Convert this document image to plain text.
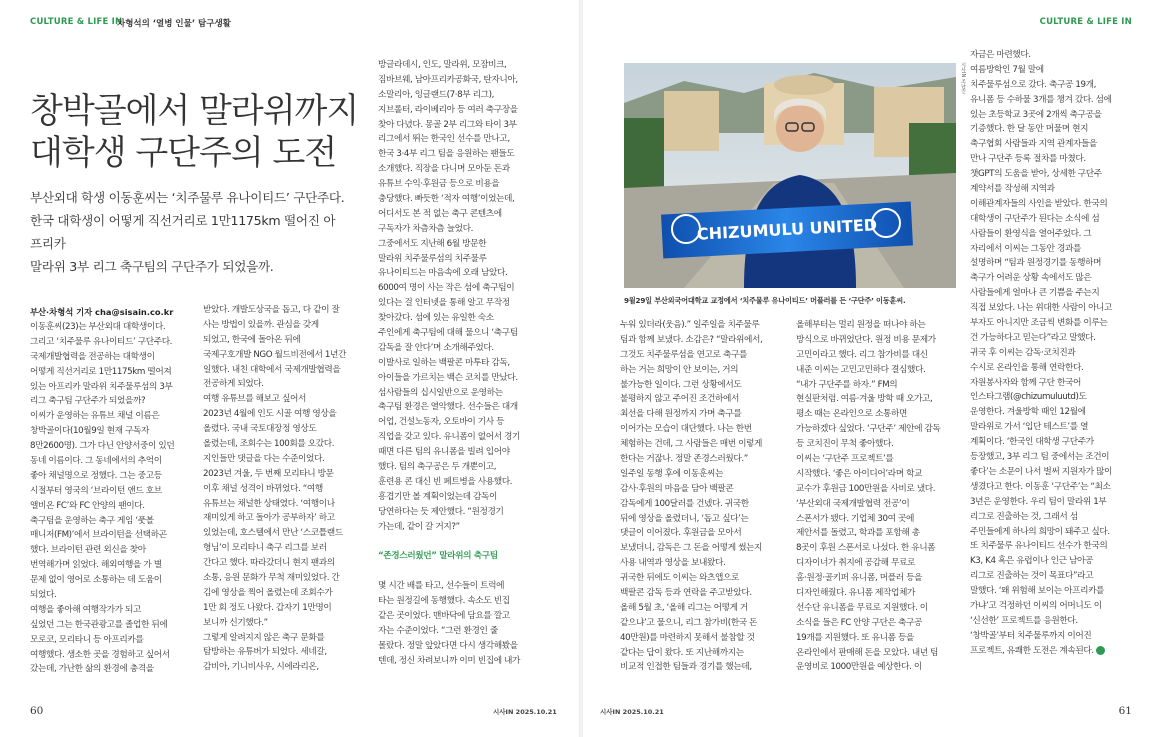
CULTURE & LIFE IN
차형석의 ‘열병 인물’ 탐구생활	CULTURE & LIFE IN
창박골에서 말라위까지
대학생 구단주의 도전
부산외대 학생 이동훈씨는 ‘치주물루 유나이티드’ 구단주다.
한국 대학생이 어떻게 직선거리로 1만1175km 떨어진 아프리카
말라위 3부 리그 축구팀의 구단주가 되었을까.
부산·차형석 기자 cha@sisain.co.kr
이동훈씨(23)는 부산외대 대학생이다.
그리고 ‘치주물루 유나이티드’ 구단주다.
국제개발협력을 전공하는 대학생이
어떻게 직선거리로 1만1175km 떨어져
있는 아프리카 말라위 치주물루섬의 3부
리그 축구팀 구단주가 되었을까?
이씨가 운영하는 유튜브 채널 이름은
창박골이다(10월9일 현재 구독자
8만2600명). 그가 다닌 안양서중이 있던
동네 이름이다. 그 동네에서의 추억이
좋아 채널명으로 정했다. 그는 중고등
시절부터 영국의 ‘브라이턴 앤드 호브
앨비온 FC’와 FC 안양의 팬이다.
축구팀을 운영하는 축구 게임 ‘풋볼
매니저(FM)’에서 브라이턴을 선택하곤
했다. 브라이턴 관련 외신을 찾아
번역해가며 읽었다. 해외여행을 가 별
문제 없이 영어로 소통하는 데 도움이
되었다.
여행을 좋아해 여행작가가 되고
싶었던 그는 한국관광고를 졸업한 뒤에
모로코, 모리타니 등 아프리카를
여행했다. 생소한 곳을 경험하고 싶어서
갔는데, 가난한 삶의 환경에 충격을
받았다. 개발도상국을 돕고, 다 같이 잘
사는 방법이 있을까. 관심을 갖게
되었고, 한국에 돌아온 뒤에
국제구호개발 NGO 월드비전에서 1년간
일했다. 내친 대학에서 국제개발협력을
전공하게 되었다.
여행 유튜브를 해보고 싶어서
2023년 4월에 인도 시골 여행 영상을
올렸다. 국내 국토대장정 영상도
올렸는데, 조회수는 100회를 오갔다.
지인들만 댓글을 다는 수준이었다.
2023년 겨울, 두 번째 모리타니 방문
이후 채널 성격이 바뀌었다. “여행
유튜브는 채널한 상태였다. ‘여행이나
재미있게 하고 돌아가 공부하자’ 하고
있었는데, 호스텔에서 만난 ‘스코틀랜드
형님’이 모리타니 축구 리그를 보러
간다고 했다. 따라갔더니 현지 팬과의
소통, 응원 문화가 무척 재미있었다. 간
김에 영상을 찍어 올렸는데 조회수가
1만 회 정도 나왔다. 갑자기 1만명이
보니까 신기했다.”
그렇게 알려지지 않은 축구 문화를
탐방하는 유튜버가 되었다. 세네갈,
감비아, 기니비사우, 시에라리온,
방글라데시, 인도, 말라위, 모잠비크,
짐바브웨, 남아프리카공화국, 탄자니아,
소말리아, 잉글랜드(7·8부 리그),
지브롤터, 라이베리아 등 여러 축구장을
찾아 다녔다. 몽골 2부 리그와 타이 3부
리그에서 뛰는 한국인 선수를 만나고,
한국 3·4부 리그 팀을 응원하는 팬들도
소개했다. 직장을 다니며 모아둔 돈과
유튜브 수익·후원금 등으로 비용을
충당했다. 빠듯한 ‘적자 여행’이었는데,
어디서도 본 적 없는 축구 콘텐츠에
구독자가 차츰차츰 늘었다.
그중에서도 지난해 6월 방문한
말라위 치주물루섬의 치주물루
유나이티드는 마음속에 오래 남았다.
6000여 명이 사는 작은 섬에 축구팀이
있다는 걸 인터넷을 통해 알고 무작정
찾아갔다. 섬에 있는 유일한 숙소
주인에게 축구팀에 대해 물으니 ‘축구팀
감독을 잘 안다’며 소개해주었다.
이발사로 일하는 백팔콘 마투타 감독,
아이들을 가르치는 백슨 코치를 만났다.
섬사람들의 십시일반으로 운영하는
축구팀 환경은 열악했다. 선수들은 대개
어업, 건설노동자, 오토바이 기사 등
직업을 갖고 있다. 유니폼이 없어서 경기
때면 다른 팀의 유니폼을 빌려 입어야
했다. 팀의 축구공은 두 개뿐이고,
훈련용 콘 대신 빈 페트병을 사용했다.
흥겹기만 볼 계획이었는데 감독이
당연하다는 듯 제안했다. “원정경기
가는데, 같이 갈 거지?”
“존경스러웠던” 말라위의 축구팀
몇 시간 배를 타고, 선수들이 트럭에
타는 원정길에 동행했다. 속소도 빈집
같은 곳이었다. 맨바닥에 담요를 깔고
자는 수준이었다. “그런 환경인 줄
몰랐다. 정말 앞았다면 다시 생각해봤을
텐데, 정신 차려보니까 이미 빈집에 내가
CHIZUMULU UNITED
시사IN 조남진
9월29일 부산외국어대학교 교정에서 ‘치주물루 유나이티드’ 머플러를 든 ‘구단주’ 이동훈씨.
누워 있더라(웃음).” 일주일을 치주물루
팀과 함께 보냈다. 소감은? “말라위에서,
그것도 치주물루섬을 연고로 축구를
하는 거는 희망이 안 보이는, 거의
불가능한 일이다. 그런 상황에서도
불평하지 않고 주어진 조건하에서
최선을 다해 원정까지 가며 축구를
이어가는 모습이 대단했다. 나는 한번
체험하는 건데, 그 사람들은 매번 이렇게
한다는 거잖나. 정말 존경스러웠다.”
일주일 동행 후에 이동훈씨는
감사·후원의 마음을 담아 백팔콘
감독에게 100달러를 건넸다. 귀국한
뒤에 영상을 올렸더니, ‘돕고 싶다’는
댓글이 이어졌다. 후원금을 모아서
보냈더니, 감독은 그 돈을 어떻게 썼는지
사용 내역과 영상을 보내왔다.
귀국한 뒤에도 이씨는 와츠앱으로
백팔콘 감독 등과 연락을 주고받았다.
올해 5월 초, ‘올해 리그는 어떻게 거
같으냐’고 물으니, 리그 참가비(한국 돈
40만원)를 마련하지 못해서 불참할 것
같다는 답이 왔다. 또 지난해까지는
비교적 인접한 팀들과 경기를 했는데,
올해부터는 멀리 원정을 떠나야 하는
방식으로 바뀌었단다. 원정 비용 문제가
고민이라고 했다. 리그 참가비를 대신
내준 이씨는 고민고민하다 결심했다.
“내가 구단주를 하자.” FM의
현실판처럼. 여름·겨울 방학 때 오가고,
평소 때는 온라인으로 소통하면
가능하겠다 싶었다. ‘구단주’ 제안에 감독
등 코치진이 무척 좋아했다.
이씨는 ‘구단주 프로젝트’를
시작했다. ‘좋은 아이디어’라며 학교
교수가 후원금 100만원을 사비로 냈다.
‘부산외대 국제개발협력 전공’이
스폰서가 됐다. 기업체 30여 곳에
제안서를 돌렸고, 학과를 포함해 총
8곳이 후원 스폰서로 나섰다. 한 유니폼
디자이너가 취지에 공감해 무료로
홈·원정·골키퍼 유니폼, 머플러 등을
디자인해줬다. 유니폼 제작업체가
선수단 유니폼을 무료로 지원했다. 이
소식을 들은 FC 안양 구단은 축구공
19개를 지원했다. 또 유니폼 등을
온라인에서 판매해 돈을 모았다. 내년 팀
운영비로 1000만원을 예상한다. 이
자금은 마련했다.
여름방학인 7월 말에
치주물루섬으로 갔다. 축구공 19개,
유니폼 등 수하물 3개를 챙겨 갔다. 섬에
있는 초등학교 3곳에 2개씩 축구공을
기증했다. 한 달 동안 머물며 현지
축구협회 사람들과 지역 관계자들을
만나 구단주 등록 절차를 마쳤다.
챗GPT의 도움을 받아, 상세한 구단주
계약서를 작성해 지역과
이해관계자들의 사인을 받았다. 한국의
대학생이 구단주가 된다는 소식에 섬
사람들이 환영식을 열어주었다. 그
자리에서 이씨는 그동안 경과를
설명하며 “팀과 원정경기를 동행하며
축구가 어려운 상황 속에서도 많은
사람들에게 얼마나 큰 기쁨을 주는지
직접 보았다. 나는 위대한 사람이 아니고
부자도 아니지만 조금씩 변화를 이루는
건 가능하다고 믿는다”라고 말했다.
귀국 후 이씨는 감독·코치진과
수시로 온라인을 통해 연락한다.
자원봉사자와 함께 구단 한국어
인스타그램(@chizumuluutd)도
운영한다. 겨울방학 때인 12월에
말라위로 가서 ‘입단 테스트’를 열
계획이다. ‘한국인 대학생 구단주가
등장했고, 3부 리그 팀 중에서는 조건이
좋다’는 소문이 나서 벌써 지원자가 많이
생겼다고 한다. 이동훈 ‘구단주’는 “최소
3년은 운영한다. 우리 팀이 말라위 1부
리그로 진출하는 것, 그래서 섬
주민들에게 하나의 희망이 돼주고 싶다.
또 치주물루 유나이티드 선수가 한국의
K3, K4 혹은 유럽이나 인근 남아공
리그로 진출하는 것이 목표다”라고
말했다. ‘왜 위험해 보이는 아프리카를
가냐’고 걱정하던 이씨의 어머니도 이
‘신선한’ 프로젝트를 응원한다.
‘창박골’부터 치주물루까지 이어진
프로젝트, 유쾌한 도전은 계속된다.
60	시사IN 2025.10.21	시사IN 2025.10.21	61
